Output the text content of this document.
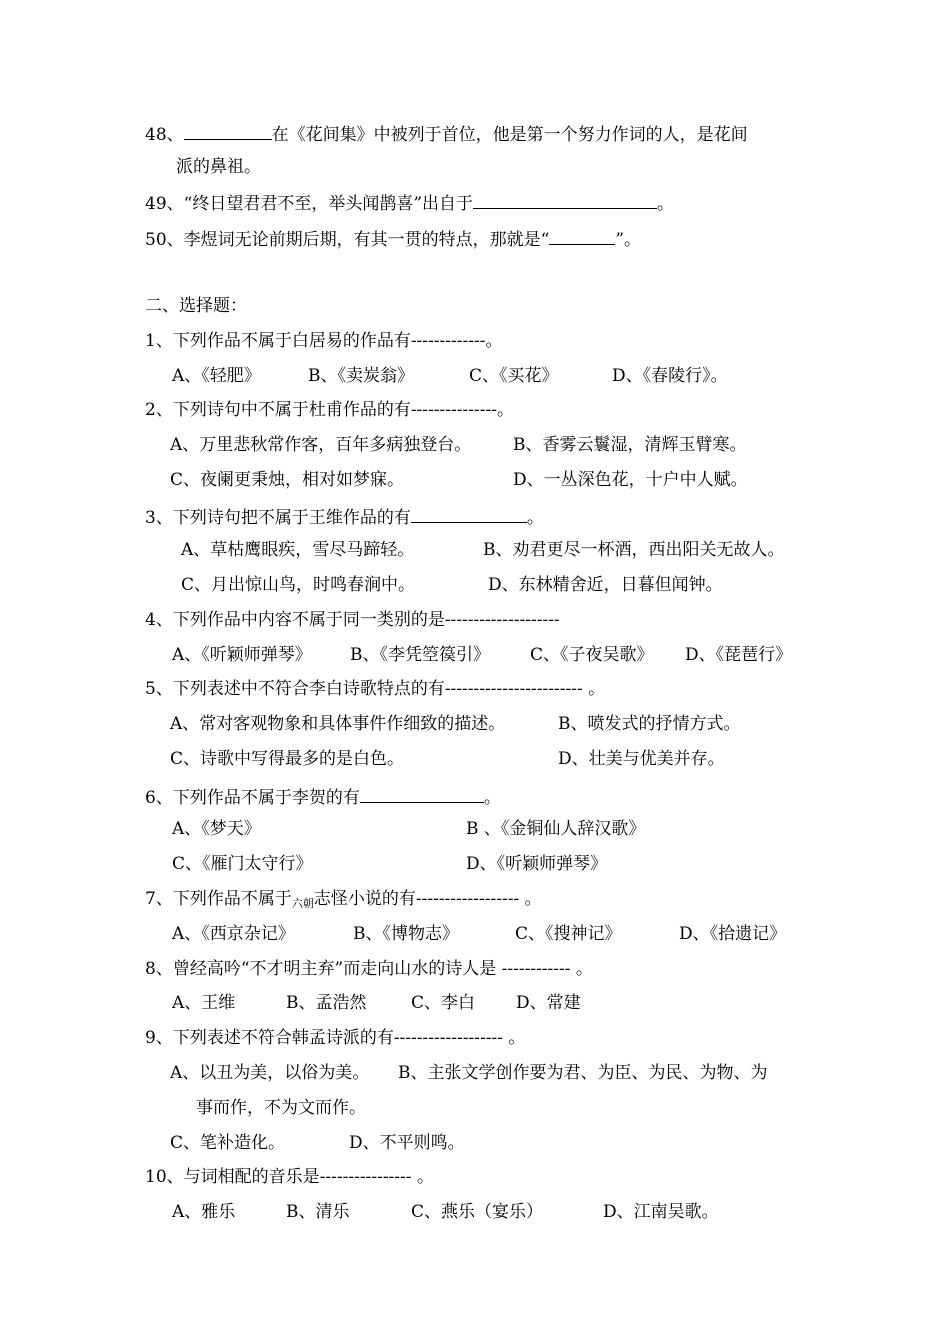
48、	在《花间集》中被列于首位，他是第一个努力作词的人，是花间
派的鼻祖。
49、“终日望君君不至，举头闻鹊喜”出自于	。
50、李煜词无论前期后期，有其一贯的特点，那就是“	”。
二、选择题：
1、下列作品不属于白居易的作品有-------------。
A、《轻肥》	B、《卖炭翁》	C、《买花》	D、《春陵行》。
2、下列诗句中不属于杜甫作品的有---------------。
A、万里悲秋常作客，百年多病独登台。 B、香雾云鬟湿，清辉玉臂寒。
C、夜阑更秉烛，相对如梦寐。	D、一丛深色花，十户中人赋。
3、下列诗句把不属于王维作品的有	。
A、草枯鹰眼疾，雪尽马蹄轻。	B、劝君更尽一杯酒，西出阳关无故人。
C、月出惊山鸟，时鸣春涧中。	D、东林精舍近，日暮但闻钟。
4、下列作品中内容不属于同一类别的是--------------------
A、《听颖师弹琴》 B、《李凭箜篌引》 C、《子夜吴歌》 D、《琵琶行》
5、下列表述中不符合李白诗歌特点的有------------------------ 。
A、常对客观物象和具体事件作细致的描述。	B、喷发式的抒情方式。
C、诗歌中写得最多的是白色。	D、壮美与优美并存。
6、下列作品不属于李贺的有	。
A、《梦天》	B 、《金铜仙人辞汉歌》
C、《雁门太守行》	D、《听颖师弹琴》
7、下列作品不属于六朝志怪小说的有------------------ 。
A、《西京杂记》	B、《博物志》	C、《搜神记》	D、《拾遗记》
8、曾经高吟“不才明主弃”而走向山水的诗人是 ------------ 。
A、王维	B、孟浩然	C、李白 D、常建
9、下列表述不符合韩孟诗派的有------------------- 。
A、以丑为美，以俗为美。 B、主张文学创作要为君、为臣、为民、为物、为
事而作，不为文而作。
C、笔补造化。	D、不平则鸣。
10、与词相配的音乐是---------------- 。
A、雅乐	B、清乐	C、燕乐（宴乐）	D、江南吴歌。
